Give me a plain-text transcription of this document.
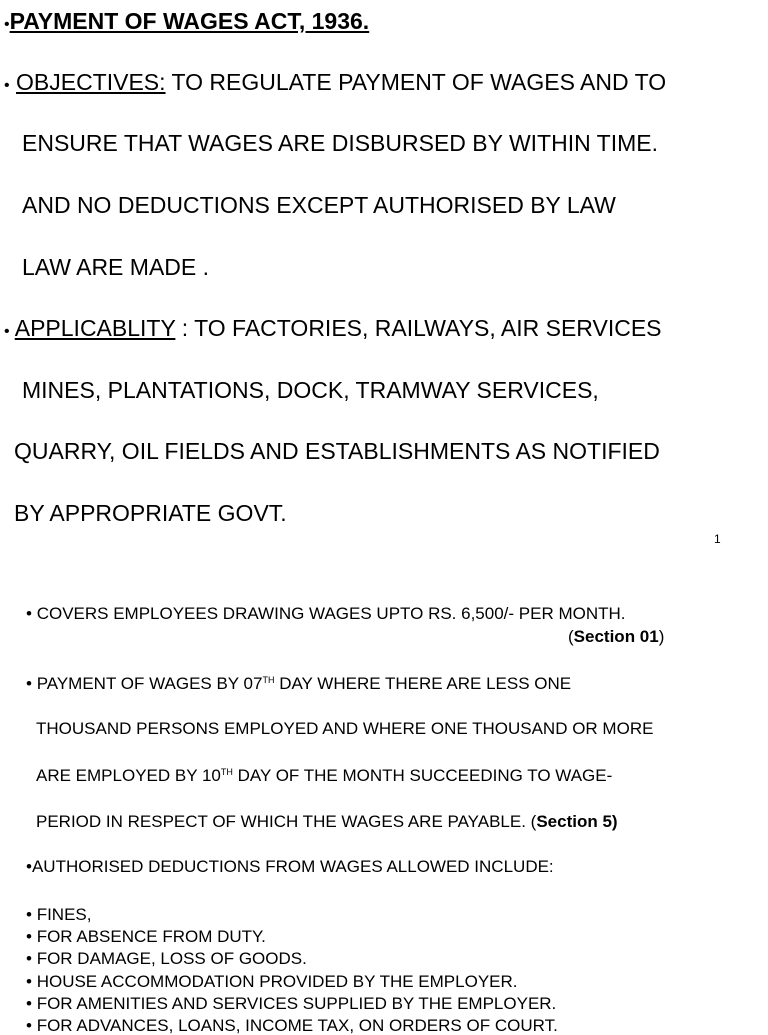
•PAYMENT OF WAGES ACT, 1936.
• OBJECTIVES: TO REGULATE PAYMENT OF WAGES AND TO
ENSURE THAT WAGES ARE DISBURSED BY WITHIN TIME.
AND NO DEDUCTIONS EXCEPT AUTHORISED BY LAW
LAW ARE MADE .
• APPLICABLITY : TO FACTORIES, RAILWAYS, AIR SERVICES
MINES, PLANTATIONS, DOCK, TRAMWAY SERVICES,
QUARRY, OIL FIELDS AND ESTABLISHMENTS AS NOTIFIED
BY APPROPRIATE GOVT.
1
• COVERS EMPLOYEES DRAWING WAGES UPTO RS. 6,500/- PER MONTH.
(Section 01)
• PAYMENT OF WAGES BY 07TH DAY WHERE THERE ARE LESS ONE
THOUSAND PERSONS EMPLOYED AND WHERE ONE THOUSAND OR MORE
ARE EMPLOYED BY 10TH DAY OF THE MONTH SUCCEEDING TO WAGE-
PERIOD IN RESPECT OF WHICH THE WAGES ARE PAYABLE. (Section 5)
•AUTHORISED DEDUCTIONS FROM WAGES ALLOWED INCLUDE:
• FINES,
• FOR ABSENCE FROM DUTY.
• FOR DAMAGE, LOSS OF GOODS.
• HOUSE ACCOMMODATION PROVIDED BY THE EMPLOYER.
• FOR AMENITIES AND SERVICES SUPPLIED BY THE EMPLOYER.
• FOR ADVANCES, LOANS, INCOME TAX, ON ORDERS OF COURT.
